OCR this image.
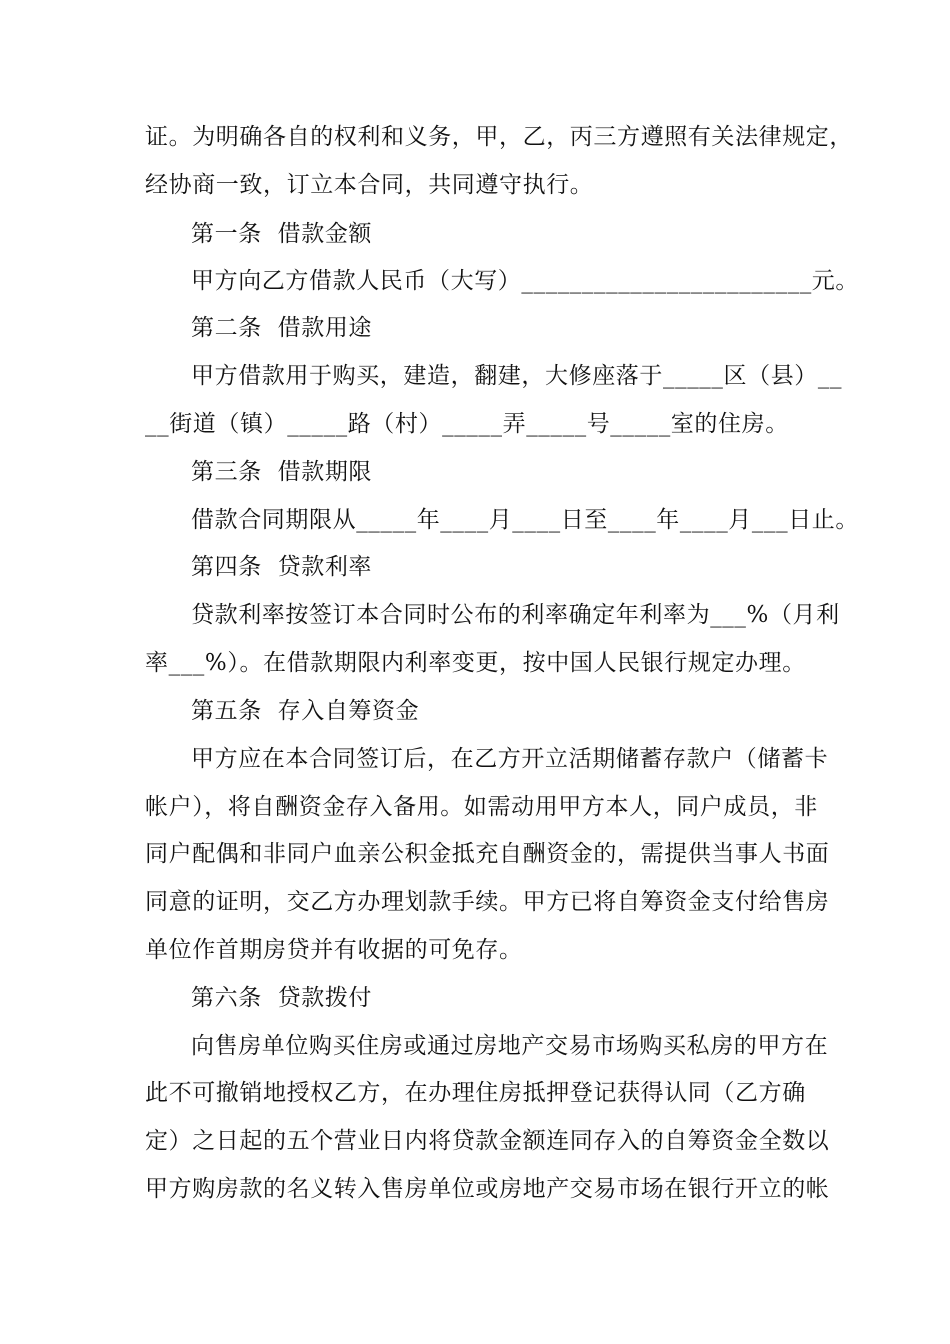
证。为明确各自的权利和义务，甲，乙，丙三方遵照有关法律规定，
经协商一致，订立本合同，共同遵守执行。
第一条  借款金额
甲方向乙方借款人民币（大写）________________________元。
第二条  借款用途
甲方借款用于购买，建造，翻建，大修座落于_____区（县）__
__街道（镇）_____路（村）_____弄_____号_____室的住房。
第三条  借款期限
借款合同期限从_____年____月____日至____年____月___日止。
第四条  贷款利率
贷款利率按签订本合同时公布的利率确定年利率为___%（月利
率___%）。在借款期限内利率变更，按中国人民银行规定办理。
第五条  存入自筹资金
甲方应在本合同签订后，在乙方开立活期储蓄存款户（储蓄卡
帐户），将自酬资金存入备用。如需动用甲方本人，同户成员，非
同户配偶和非同户血亲公积金抵充自酬资金的，需提供当事人书面
同意的证明，交乙方办理划款手续。甲方已将自筹资金支付给售房
单位作首期房贷并有收据的可免存。
第六条  贷款拨付
向售房单位购买住房或通过房地产交易市场购买私房的甲方在
此不可撤销地授权乙方，在办理住房抵押登记获得认同（乙方确
定）之日起的五个营业日内将贷款金额连同存入的自筹资金全数以
甲方购房款的名义转入售房单位或房地产交易市场在银行开立的帐
